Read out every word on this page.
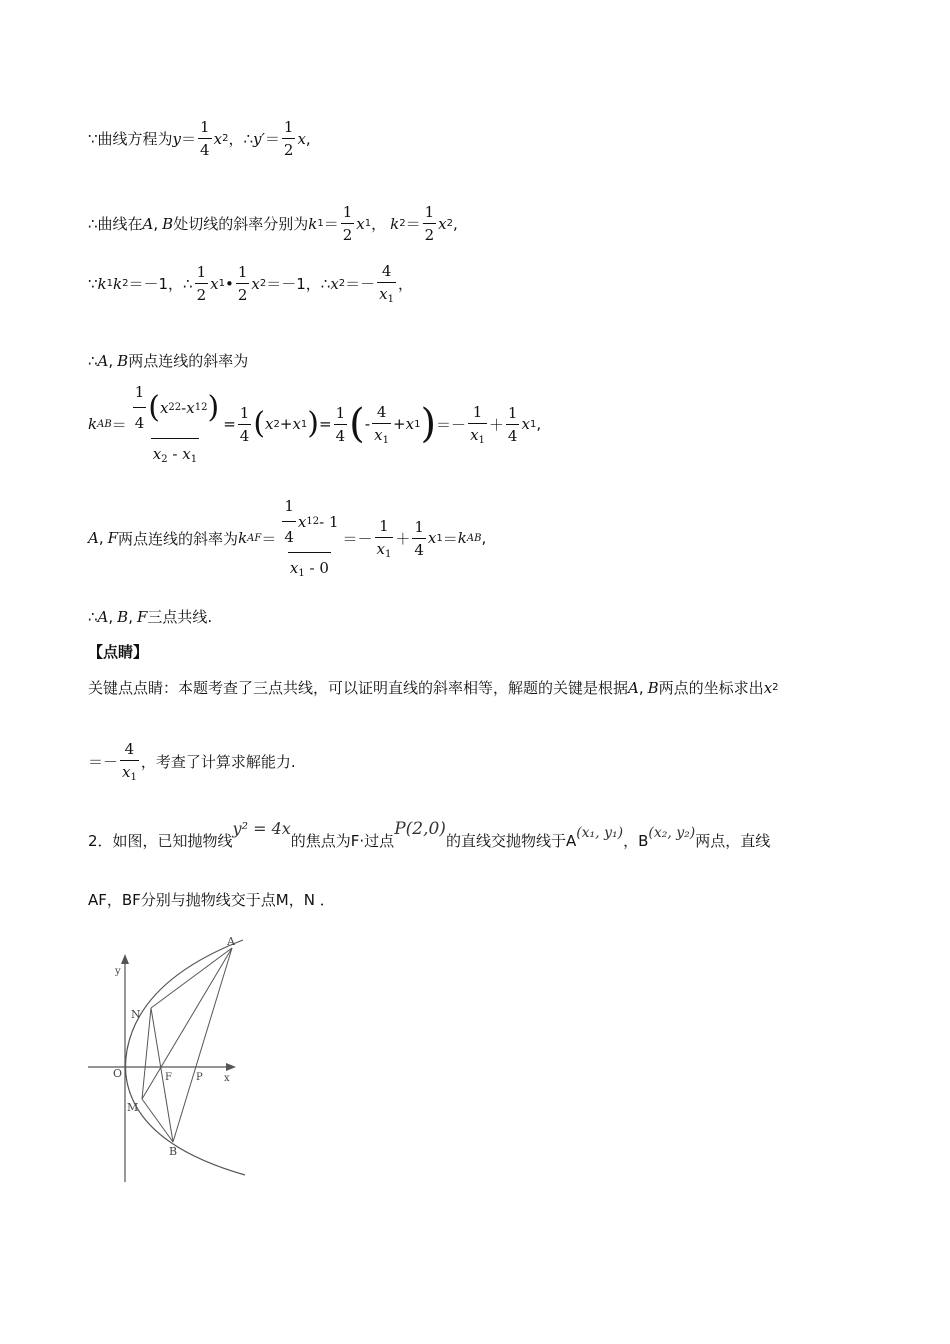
∵曲线方程为 $y = \frac{1}{4}$ x 2 ， ∴ $y' = \frac{1}{2}$ x ,
∴曲线在 A , B 处切线的斜率分别为 k $1 = \frac{1}{2}$ x 1 ， k $2 = \frac{1}{2}$ x 2 ,
∵ k 1 k 2 ＝－1，∴ $\frac{1}{2}$ x 1 • $\frac{1}{2}$ x 2 ＝－1，∴ x $2 =- \frac{4}{x_1}$ ，
∴ A , B 两点连线的斜率为
k AB ＝ $\frac{\frac{1}{4} ( x 2 2 - x 1 2 )}{x_2 - x_1} = \frac{1}{4}$ ( x 2 + x 1 ) = $\frac{1}{4}$ ( - $\frac{4}{x_1} + x$ 1 ) ＝－ $\frac{1}{x_1} + \frac{1}{4}$ x 1 ,
A , F 两点连线的斜率为 k AF ＝ $\frac{\frac{1}{4} x 1 2 - 1}{x_1 - 0} =- \frac{1}{x_1} + \frac{1}{4}$ x 1 ＝ k AB ,
∴ A , B , F 三点共线.
【点睛】
关键点点睛：本题考查了三点共线，可以证明直线的斜率相等，解题的关键是根据 A , B 两点的坐标求出 x 2
＝－ $\frac{4}{x_1}$ ，考查了计算求解能力.
2．如图，已知抛物线
y² = 4x
的焦点为F·过点
P(2,0)
的直线交抛物线于A (x₁, y₁) ，B (x₂, y₂) 两点，直线
AF，BF分别与抛物线交于点M，N ．
A
N
O	F P x
y
M
B
